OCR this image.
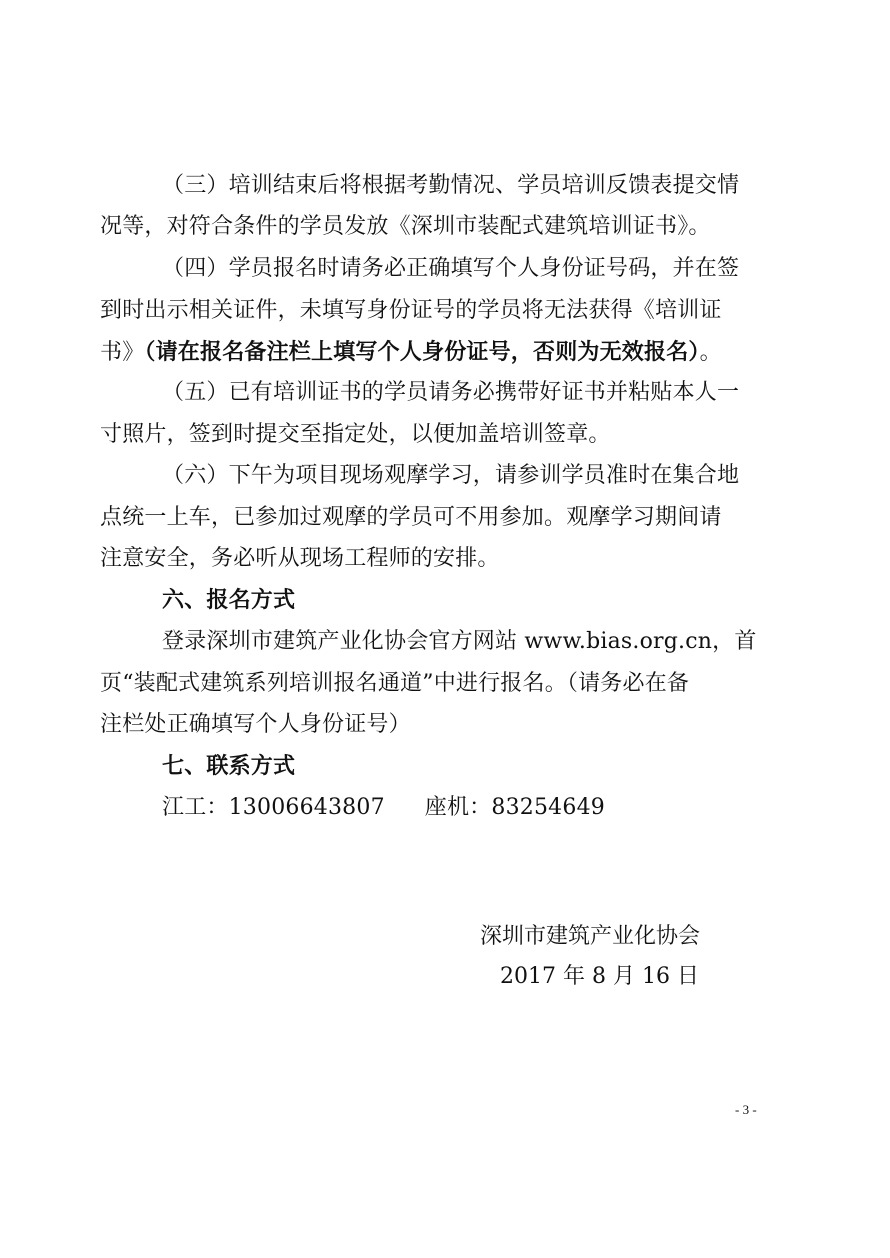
（三）培训结束后将根据考勤情况、学员培训反馈表提交情
况等，对符合条件的学员发放《深圳市装配式建筑培训证书》。
（四）学员报名时请务必正确填写个人身份证号码，并在签
到时出示相关证件，未填写身份证号的学员将无法获得《培训证
书》（请在报名备注栏上填写个人身份证号，否则为无效报名）。
（五）已有培训证书的学员请务必携带好证书并粘贴本人一
寸照片，签到时提交至指定处，以便加盖培训签章。
（六）下午为项目现场观摩学习，请参训学员准时在集合地
点统一上车，已参加过观摩的学员可不用参加。观摩学习期间请
注意安全，务必听从现场工程师的安排。
六、报名方式
登录深圳市建筑产业化协会官方网站 www.bias.org.cn，首
页“装配式建筑系列培训报名通道”中进行报名。（请务必在备
注栏处正确填写个人身份证号）
七、联系方式
江工：13006643807 座机：83254649
深圳市建筑产业化协会
2017 年 8 月 16 日
- 3 -
